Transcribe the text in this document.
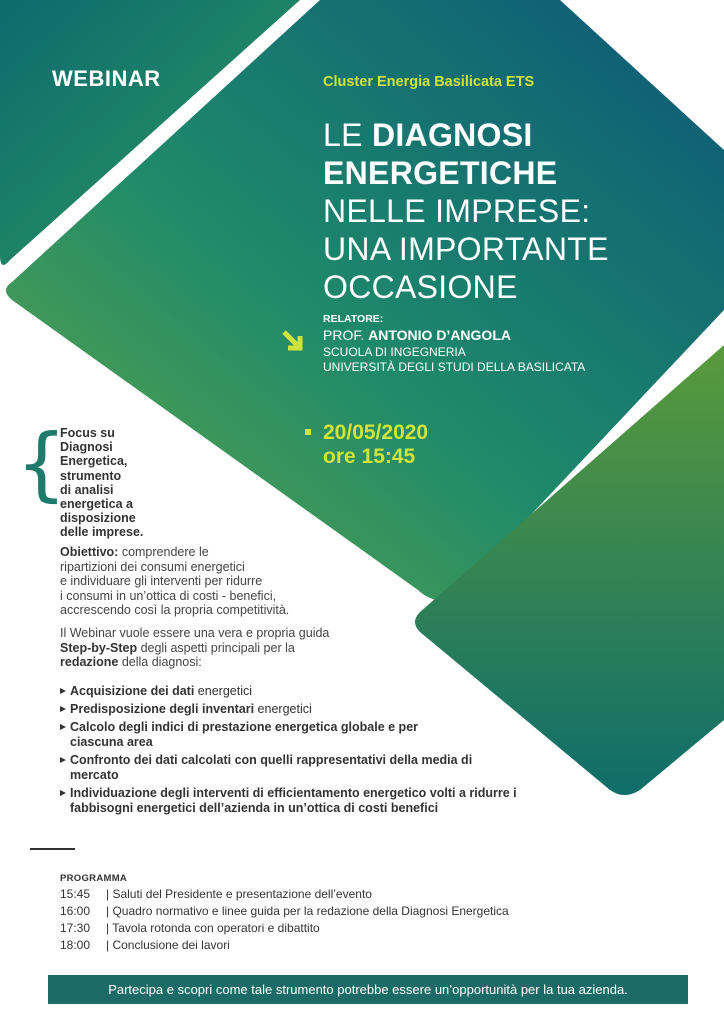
WEBINAR	Cluster Energia Basilicata ETS
LE DIAGNOSI
ENERGETICHE
NELLE IMPRESE:
UNA IMPORTANTE
OCCASIONE
RELATORE:
PROF. ANTONIO D’ANGOLA
SCUOLA DI INGEGNERIA
UNIVERSITÀ DEGLI STUDI DELLA BASILICATA
20/05/2020
ore 15:45
{
Focus su
Diagnosi
Energetica,
strumento
di analisi
energetica a
disposizione
delle imprese.
Obiettivo: comprendere le
ripartizioni dei consumi energetici
e individuare gli interventi per ridurre
i consumi in un’ottica di costi - benefici,
accrescendo così la propria competitività.
Il Webinar vuole essere una vera e propria guida
Step-by-Step degli aspetti principali per la
redazione della diagnosi:
Acquisizione dei dati energetici
Predisposizione degli inventari energetici
Calcolo degli indici di prestazione energetica globale e per ciascuna area
Confronto dei dati calcolati con quelli rappresentativi della media di mercato
Individuazione degli interventi di efficientamento energetico volti a ridurre i fabbisogni energetici dell’azienda in un’ottica di costi benefici
PROGRAMMA
15:45	| Saluti del Presidente e presentazione dell’evento
16:00	| Quadro normativo e linee guida per la redazione della Diagnosi Energetica
17:30	| Tavola rotonda con operatori e dibattito
18:00	| Conclusione dei lavori
Partecipa e scopri come tale strumento potrebbe essere un’opportunità per la tua azienda.
